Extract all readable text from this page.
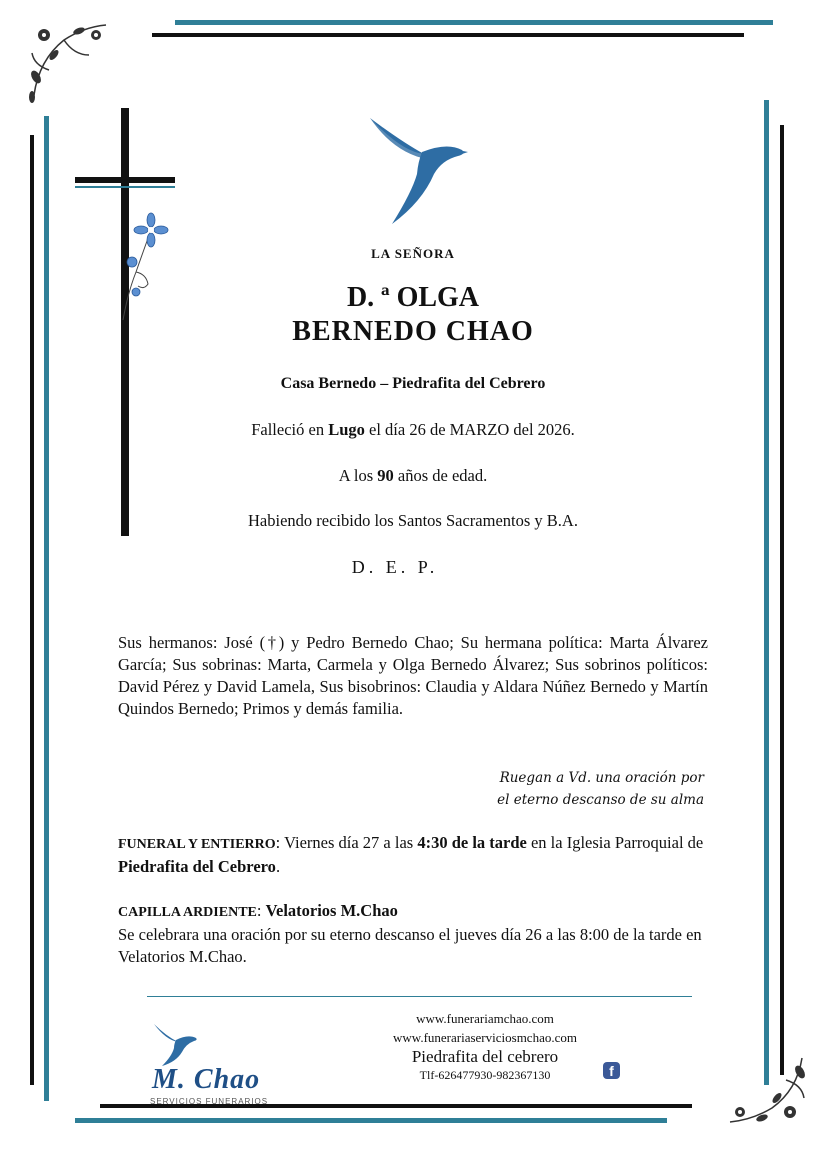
LA SEÑORA
D. ª OLGA
BERNEDO CHAO
Casa Bernedo – Piedrafita del Cebrero
Falleció en Lugo el día 26 de MARZO del 2026.
A los 90 años de edad.
Habiendo recibido los Santos Sacramentos y B.A.
D. E. P.
Sus hermanos: José (†) y Pedro Bernedo Chao; Su hermana política: Marta Álvarez García; Sus sobrinas: Marta, Carmela y Olga Bernedo Álvarez; Sus sobrinos políticos: David Pérez y David Lamela, Sus bisobrinos: Claudia y Aldara Núñez Bernedo y Martín Quindos Bernedo; Primos y demás familia.
Ruegan a Vd. una oración por
el eterno descanso de su alma
FUNERAL Y ENTIERRO: Viernes día 27 a las 4:30 de la tarde en la Iglesia Parroquial de Piedrafita del Cebrero.
CAPILLA ARDIENTE: Velatorios M.Chao
Se celebrara una oración por su eterno descanso el jueves día 26 a las 8:00 de la tarde en Velatorios M.Chao.
www.funerariamchao.com
www.funerariaserviciosmchao.com
Piedrafita del cebrero
Tlf-626477930-982367130	f
M. Chao
SERVICIOS FUNERARIOS
